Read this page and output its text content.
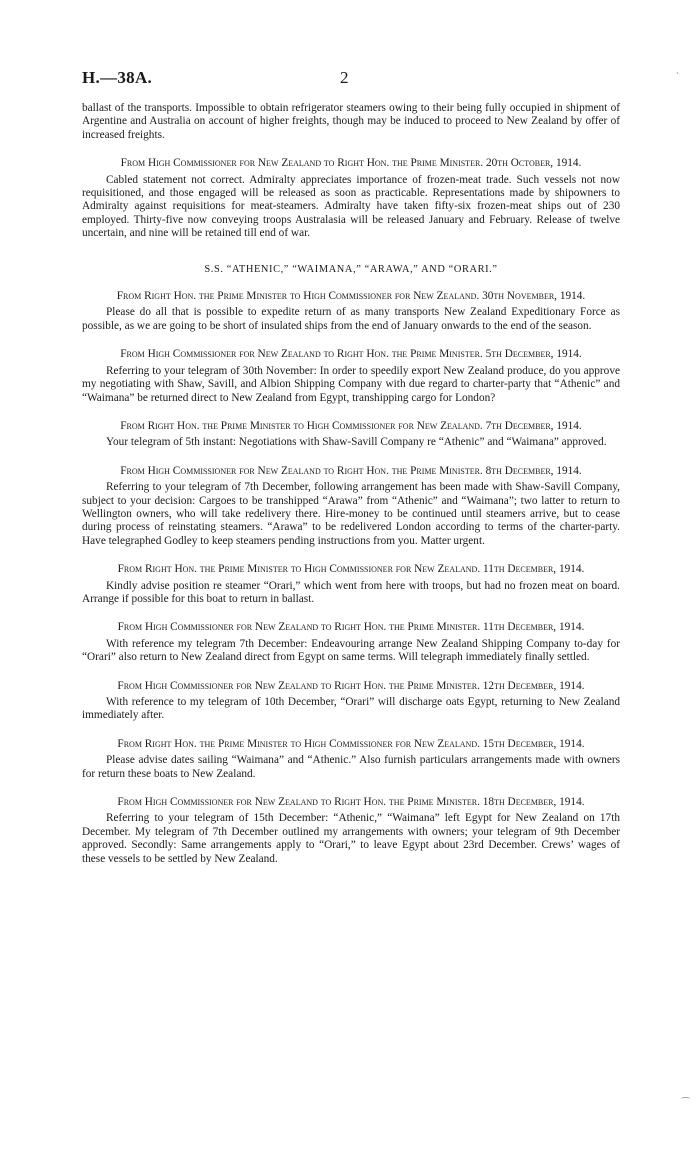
H.—38A.	2	ˎ
⁔

ballast of the transports. Impossible to obtain refrigerator steamers owing to their being fully occupied in shipment of Argentine and Australia on account of higher freights, though may be induced to proceed to New Zealand by offer of increased freights.

From High Commissioner for New Zealand to Right Hon. the Prime Minister. 20th October, 1914.

Cabled statement not correct. Admiralty appreciates importance of frozen-meat trade. Such vessels not now requisitioned, and those engaged will be released as soon as practicable. Representations made by shipowners to Admiralty against requisitions for meat-steamers. Admiralty have taken fifty-six frozen-meat ships out of 230 employed. Thirty-five now conveying troops Australasia will be released January and February. Release of twelve uncertain, and nine will be retained till end of war.

S.S. “ATHENIC,” “WAIMANA,” “ARAWA,” AND “ORARI.”

From Right Hon. the Prime Minister to High Commissioner for New Zealand. 30th November, 1914.

Please do all that is possible to expedite return of as many transports New Zealand Expeditionary Force as possible, as we are going to be short of insulated ships from the end of January onwards to the end of the season.

From High Commissioner for New Zealand to Right Hon. the Prime Minister. 5th December, 1914.

Referring to your telegram of 30th November: In order to speedily export New Zealand produce, do you approve my negotiating with Shaw, Savill, and Albion Shipping Company with due regard to charter-party that “Athenic” and “Waimana” be returned direct to New Zealand from Egypt, transhipping cargo for London?

From Right Hon. the Prime Minister to High Commissioner for New Zealand. 7th December, 1914.

Your telegram of 5th instant: Negotiations with Shaw-Savill Company re “Athenic” and “Waimana” approved.

From High Commissioner for New Zealand to Right Hon. the Prime Minister. 8th December, 1914.

Referring to your telegram of 7th December, following arrangement has been made with Shaw-Savill Company, subject to your decision: Cargoes to be transhipped “Arawa” from “Athenic” and “Waimana”; two latter to return to Wellington owners, who will take redelivery there. Hire-money to be continued until steamers arrive, but to cease during process of reinstating steamers. “Arawa” to be redelivered London according to terms of the charter-party. Have telegraphed Godley to keep steamers pending instructions from you. Matter urgent.

From Right Hon. the Prime Minister to High Commissioner for New Zealand. 11th December, 1914.

Kindly advise position re steamer “Orari,” which went from here with troops, but had no frozen meat on board. Arrange if possible for this boat to return in ballast.

From High Commissioner for New Zealand to Right Hon. the Prime Minister. 11th December, 1914.

With reference my telegram 7th December: Endeavouring arrange New Zealand Shipping Company to-day for “Orari” also return to New Zealand direct from Egypt on same terms. Will telegraph immediately finally settled.

From High Commissioner for New Zealand to Right Hon. the Prime Minister. 12th December, 1914.

With reference to my telegram of 10th December, “Orari” will discharge oats Egypt, returning to New Zealand immediately after.

From Right Hon. the Prime Minister to High Commissioner for New Zealand. 15th December, 1914.

Please advise dates sailing “Waimana” and “Athenic.” Also furnish particulars arrangements made with owners for return these boats to New Zealand.

From High Commissioner for New Zealand to Right Hon. the Prime Minister. 18th December, 1914.

Referring to your telegram of 15th December: “Athenic,” “Waimana” left Egypt for New Zealand on 17th December. My telegram of 7th December outlined my arrangements with owners; your telegram of 9th December approved. Secondly: Same arrangements apply to “Orari,” to leave Egypt about 23rd December. Crews’ wages of these vessels to be settled by New Zealand.
